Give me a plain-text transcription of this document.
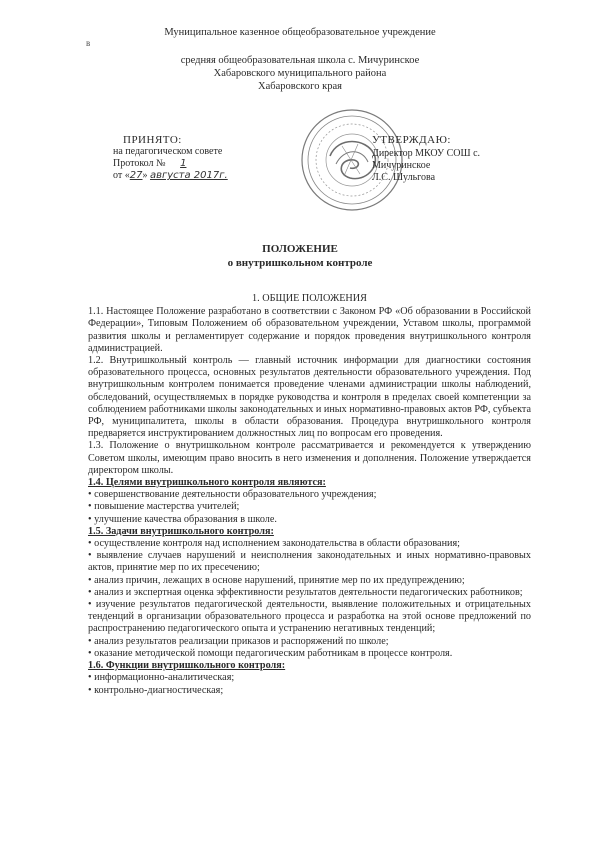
в
Муниципальное казенное общеобразовательное учреждение
средняя общеобразовательная школа с. Мичуринское
Хабаровского муниципального района
Хабаровского края
ПРИНЯТО:
на педагогическом совете
Протокол № 1
от «27» августа 2017г.
УТВЕРЖДАЮ:
Директор МКОУ СОШ с. Мичуринское
Л.С. Шульгова
ПОЛОЖЕНИЕ
о внутришкольном контроле

1. ОБЩИЕ ПОЛОЖЕНИЯ

1.1. Настоящее Положение разработано в соответствии с Законом РФ «Об образовании в Российской Федерации», Типовым Положением об образовательном учреждении, Уставом школы, программой развития школы и регламентирует содержание и порядок проведения внутришкольного контроля администрацией.

1.2. Внутришкольный контроль — главный источник информации для диагностики состояния образовательного процесса, основных результатов деятельности образовательного учреждения. Под внутришкольным контролем понимается проведение членами администрации школы наблюдений, обследований, осуществляемых в порядке руководства и контроля в пределах своей компетенции за соблюдением работниками школы законодательных и иных нормативно-правовых актов РФ, субъекта РФ, муниципалитета, школы в области образования. Процедура внутришкольного контроля предваряется инструктированием должностных лиц по вопросам его проведения.

1.3. Положение о внутришкольном контроле рассматривается и рекомендуется к утверждению Советом школы, имеющим право вносить в него изменения и дополнения. Положение утверждается директором школы.

1.4. Целями внутришкольного контроля являются:

• совершенствование деятельности образовательного учреждения;

• повышение мастерства учителей;

• улучшение качества образования в школе.

1.5. Задачи внутришкольного контроля:

• осуществление контроля над исполнением законодательства в области образования;

• выявление случаев нарушений и неисполнения законодательных и иных нормативно-правовых актов, принятие мер по их пресечению;

• анализ причин, лежащих в основе нарушений, принятие мер по их предупреждению;

• анализ и экспертная оценка эффективности результатов деятельности педагогических работников;

• изучение результатов педагогической деятельности, выявление положительных и отрицательных тенденций в организации образовательного процесса и разработка на этой основе предложений по распространению педагогического опыта и устранению негативных тенденций;

• анализ результатов реализации приказов и распоряжений по школе;

• оказание методической помощи педагогическим работникам в процессе контроля.

1.6. Функции внутришкольного контроля:

• информационно-аналитическая;

• контрольно-диагностическая;
